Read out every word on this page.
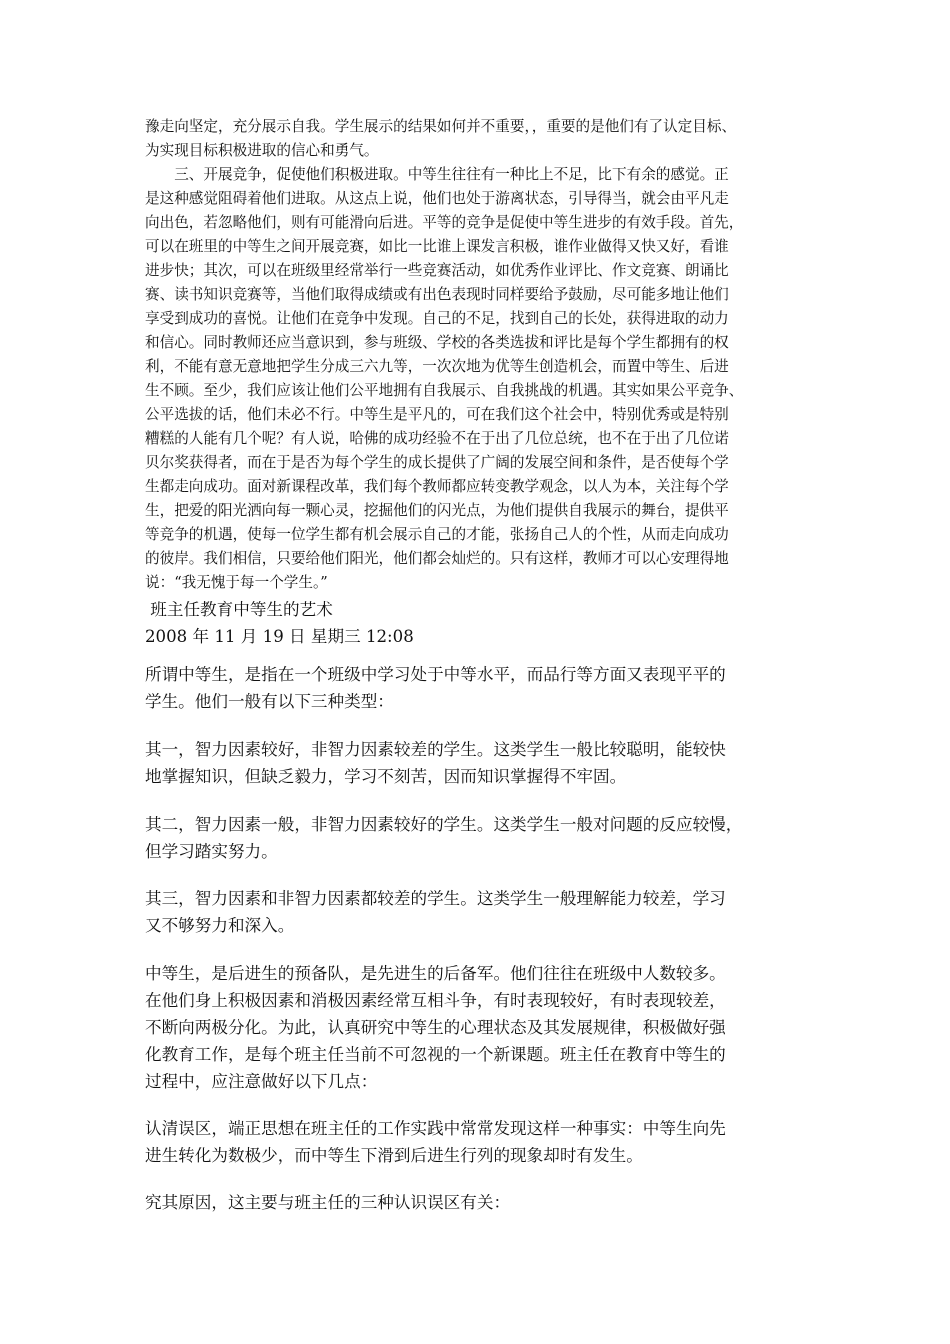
豫走向坚定，充分展示自我。学生展示的结果如何并不重要，，重要的是他们有了认定目标、
为实现目标积极进取的信心和勇气。
　　三、开展竞争，促使他们积极进取。中等生往往有一种比上不足，比下有余的感觉。正
是这种感觉阻碍着他们进取。从这点上说，他们也处于游离状态，引导得当，就会由平凡走
向出色，若忽略他们，则有可能滑向后进。平等的竞争是促使中等生进步的有效手段。首先，
可以在班里的中等生之间开展竞赛，如比一比谁上课发言积极，谁作业做得又快又好，看谁
进步快；其次，可以在班级里经常举行一些竞赛活动，如优秀作业评比、作文竞赛、朗诵比
赛、读书知识竞赛等，当他们取得成绩或有出色表现时同样要给予鼓励，尽可能多地让他们
享受到成功的喜悦。让他们在竞争中发现。自己的不足，找到自己的长处，获得进取的动力
和信心。同时教师还应当意识到，参与班级、学校的各类选拔和评比是每个学生都拥有的权
利，不能有意无意地把学生分成三六九等，一次次地为优等生创造机会，而置中等生、后进
生不顾。至少，我们应该让他们公平地拥有自我展示、自我挑战的机遇。其实如果公平竞争、
公平选拔的话，他们未必不行。中等生是平凡的，可在我们这个社会中，特别优秀或是特别
糟糕的人能有几个呢？有人说，哈佛的成功经验不在于出了几位总统，也不在于出了几位诺
贝尔奖获得者，而在于是否为每个学生的成长提供了广阔的发展空间和条件，是否使每个学
生都走向成功。面对新课程改革，我们每个教师都应转变教学观念，以人为本，关注每个学
生，把爱的阳光洒向每一颗心灵，挖掘他们的闪光点，为他们提供自我展示的舞台，提供平
等竞争的机遇，使每一位学生都有机会展示自己的才能，张扬自己人的个性，从而走向成功
的彼岸。我们相信，只要给他们阳光，他们都会灿烂的。只有这样，教师才可以心安理得地
说：“我无愧于每一个学生。”
班主任教育中等生的艺术
2008 年 11 月 19 日 星期三 12:08
所谓中等生，是指在一个班级中学习处于中等水平，而品行等方面又表现平平的
学生。他们一般有以下三种类型：
其一，智力因素较好，非智力因素较差的学生。这类学生一般比较聪明，能较快
地掌握知识，但缺乏毅力，学习不刻苦，因而知识掌握得不牢固。
其二，智力因素一般，非智力因素较好的学生。这类学生一般对问题的反应较慢，
但学习踏实努力。
其三，智力因素和非智力因素都较差的学生。这类学生一般理解能力较差，学习
又不够努力和深入。
中等生，是后进生的预备队，是先进生的后备军。他们往往在班级中人数较多。
在他们身上积极因素和消极因素经常互相斗争，有时表现较好，有时表现较差，
不断向两极分化。为此，认真研究中等生的心理状态及其发展规律，积极做好强
化教育工作，是每个班主任当前不可忽视的一个新课题。班主任在教育中等生的
过程中，应注意做好以下几点：
认清误区，端正思想在班主任的工作实践中常常发现这样一种事实：中等生向先
进生转化为数极少，而中等生下滑到后进生行列的现象却时有发生。
究其原因，这主要与班主任的三种认识误区有关：
